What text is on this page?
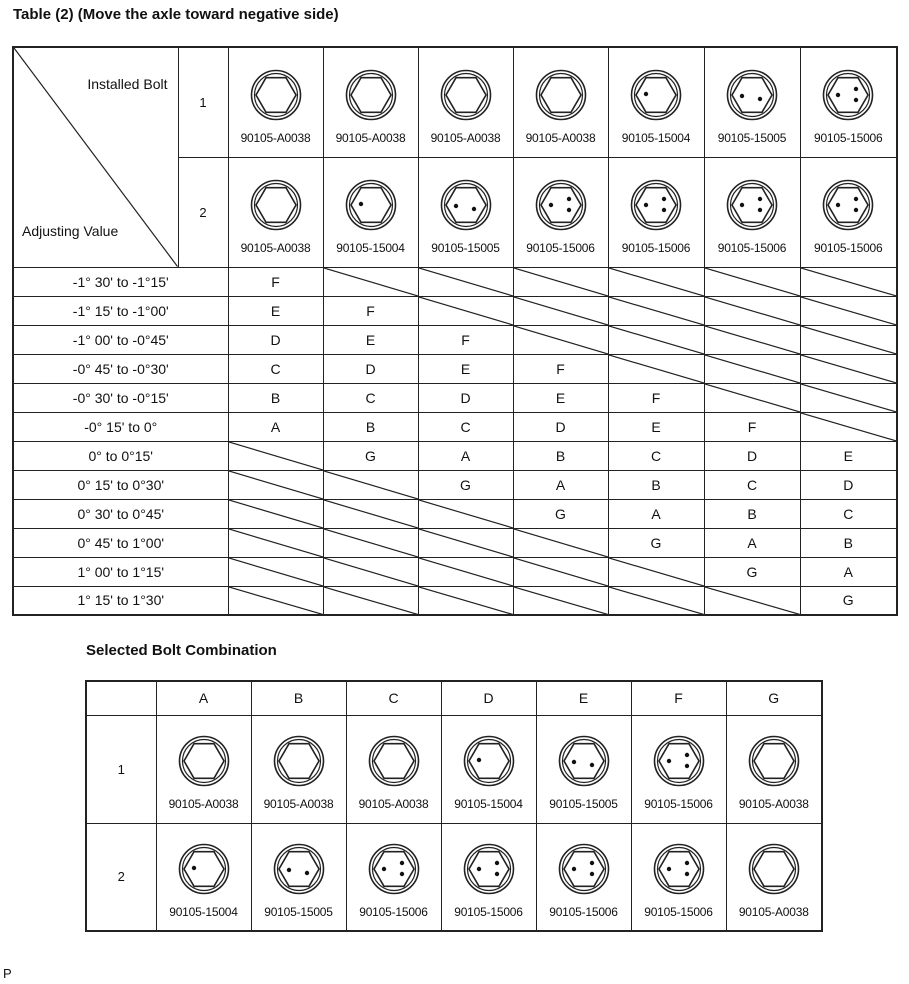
Table (2) (Move the axle toward negative side)
Installed Bolt
Adjusting Value	1	90105-A0038	90105-A0038	90105-A0038	90105-A0038	90105-15004	90105-15005	90105-15006

	2	90105-A0038	90105-15004	90105-15005	90105-15006	90105-15006	90105-15006	90105-15006

-1° 30' to -1°15'		F	

-1° 15' to -1°00'		E	F	

-1° 00' to -0°45'		D	E	F	

-0° 45' to -0°30'		C	D	E	F	

-0° 30' to -0°15'		B	C	D	E	F	

-0° 15' to 0°		A	B	C	D	E	F	

0° to 0°15'			G	A	B	C	D	E
0° 15' to 0°30'				G	A	B	C	D
0° 30' to 0°45'					G	A	B	C
0° 45' to 1°00'						G	A	B
1° 00' to 1°15'							G	A
1° 15' to 1°30'								G
Selected Bolt Combination
	A	B	C	D	E	F	G
1	90105-A0038	90105-A0038	90105-A0038	90105-15004	90105-15005	90105-15006	90105-A0038

2	90105-15004	90105-15005	90105-15006	90105-15006	90105-15006	90105-15006	90105-A0038
P
